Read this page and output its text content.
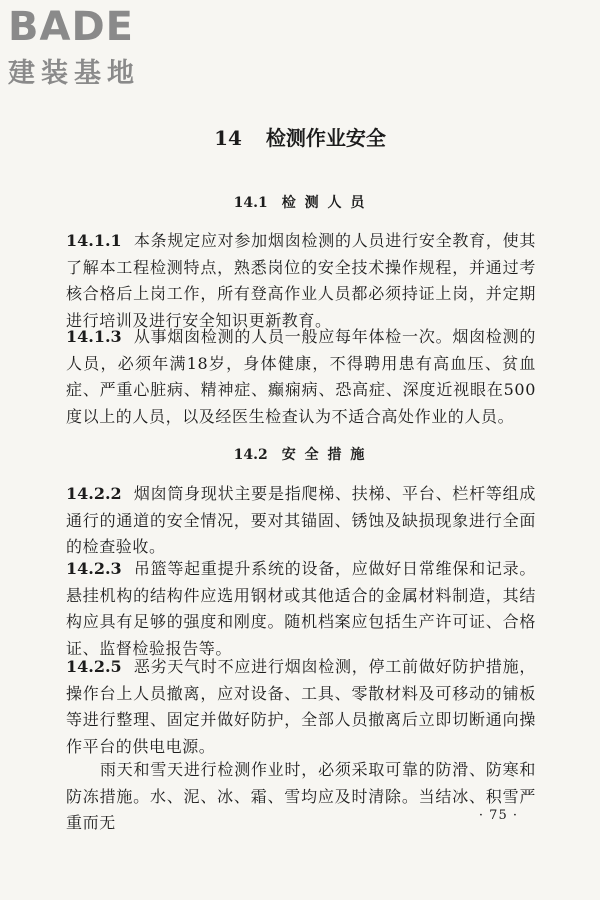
BADE
建装基地
14 检测作业安全
14.1 检 测 人 员
14.1.1 本条规定应对参加烟囱检测的人员进行安全教育，使其了解本工程检测特点，熟悉岗位的安全技术操作规程，并通过考核合格后上岗工作，所有登高作业人员都必须持证上岗，并定期进行培训及进行安全知识更新教育。
14.1.3 从事烟囱检测的人员一般应每年体检一次。烟囱检测的人员，必须年满18岁，身体健康，不得聘用患有高血压、贫血症、严重心脏病、精神症、癫痫病、恐高症、深度近视眼在500度以上的人员，以及经医生检查认为不适合高处作业的人员。
14.2 安 全 措 施
14.2.2 烟囱筒身现状主要是指爬梯、扶梯、平台、栏杆等组成通行的通道的安全情况，要对其锚固、锈蚀及缺损现象进行全面的检查验收。
14.2.3 吊篮等起重提升系统的设备，应做好日常维保和记录。悬挂机构的结构件应选用钢材或其他适合的金属材料制造，其结构应具有足够的强度和刚度。随机档案应包括生产许可证、合格证、监督检验报告等。
14.2.5 恶劣天气时不应进行烟囱检测，停工前做好防护措施，操作台上人员撤离，应对设备、工具、零散材料及可移动的铺板等进行整理、固定并做好防护，全部人员撤离后立即切断通向操作平台的供电电源。
雨天和雪天进行检测作业时，必须采取可靠的防滑、防寒和防冻措施。水、泥、冰、霜、雪均应及时清除。当结冰、积雪严重而无	· 75 ·
